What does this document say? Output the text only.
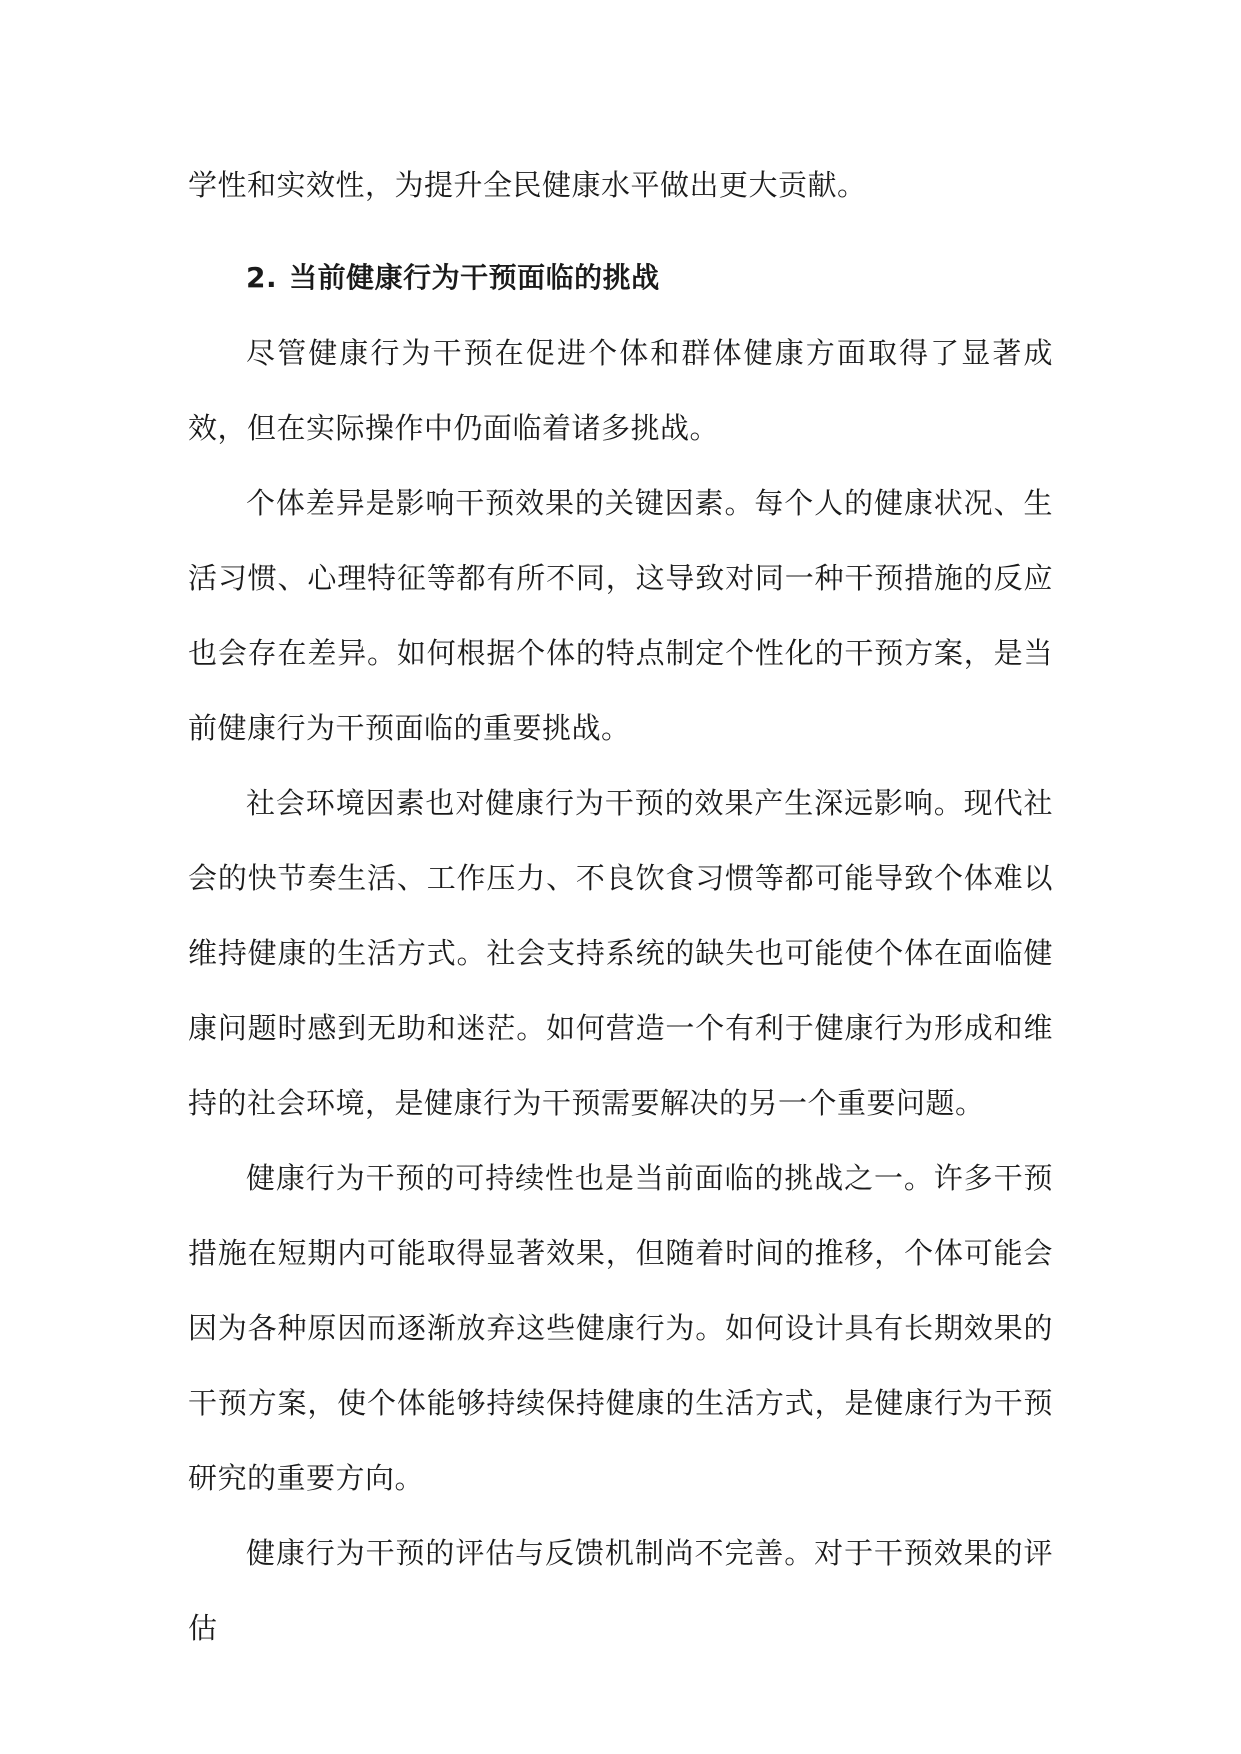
学性和实效性，为提升全民健康水平做出更大贡献。

2. 当前健康行为干预面临的挑战

尽管健康行为干预在促进个体和群体健康方面取得了显著成效，但在实际操作中仍面临着诸多挑战。

个体差异是影响干预效果的关键因素。每个人的健康状况、生活习惯、心理特征等都有所不同，这导致对同一种干预措施的反应也会存在差异。如何根据个体的特点制定个性化的干预方案，是当前健康行为干预面临的重要挑战。

社会环境因素也对健康行为干预的效果产生深远影响。现代社会的快节奏生活、工作压力、不良饮食习惯等都可能导致个体难以维持健康的生活方式。社会支持系统的缺失也可能使个体在面临健康问题时感到无助和迷茫。如何营造一个有利于健康行为形成和维持的社会环境，是健康行为干预需要解决的另一个重要问题。

健康行为干预的可持续性也是当前面临的挑战之一。许多干预措施在短期内可能取得显著效果，但随着时间的推移，个体可能会因为各种原因而逐渐放弃这些健康行为。如何设计具有长期效果的干预方案，使个体能够持续保持健康的生活方式，是健康行为干预研究的重要方向。

健康行为干预的评估与反馈机制尚不完善。对于干预效果的评估
